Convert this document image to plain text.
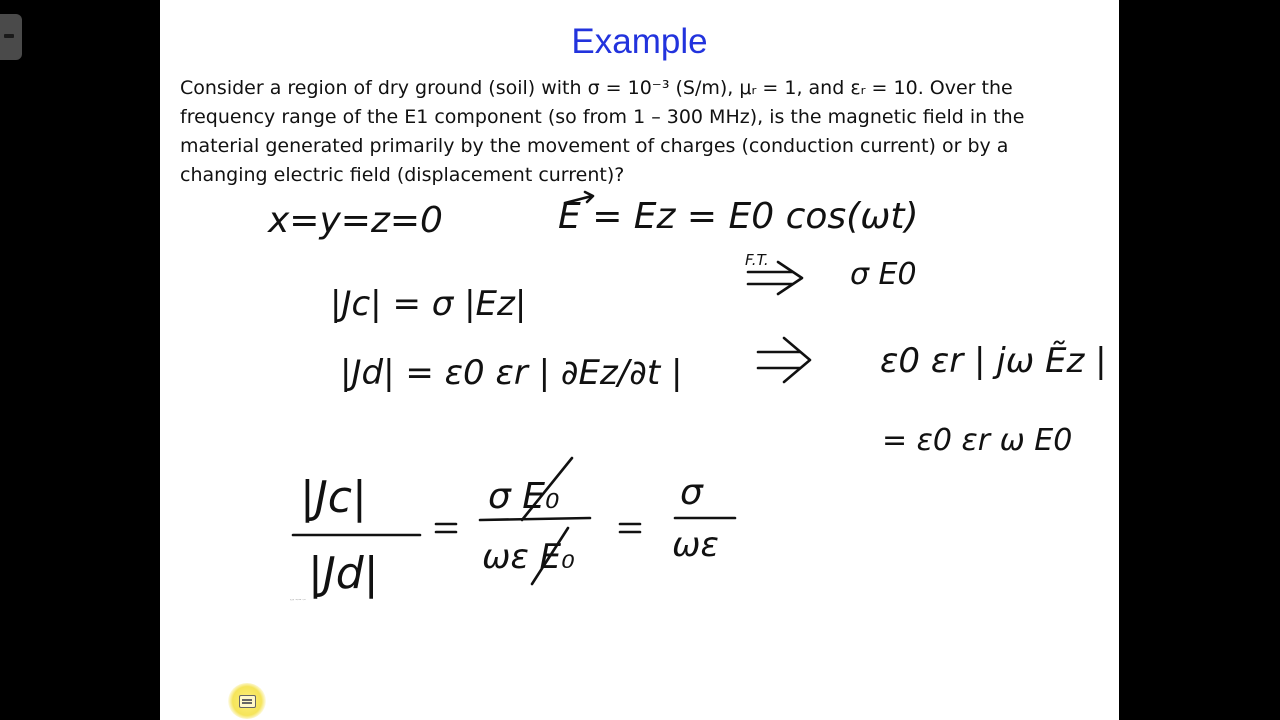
Example
Consider a region of dry ground (soil) with σ = 10⁻³ (S/m), μᵣ = 1, and εᵣ = 10. Over the
frequency range of the E1 component (so from 1 – 300 MHz), is the magnetic field in the
material generated primarily by the movement of charges (conduction current) or by a
changing electric field (displacement current)?
x=y=z=0	E = Ez = E0 cos(ωt)
F.T.	σ E0
|Jc| = σ |Ez|
|Jd| = ε0 εr | ∂Ez/∂t |	ε0 εr | jω Ẽz |
= ε0 εr ω E0
|Jc| / |Jd| = σE0 / ωεE0 = σ / ωε
|Jc|
|Jd|
σ E₀
ωε E₀
σ
ωε
